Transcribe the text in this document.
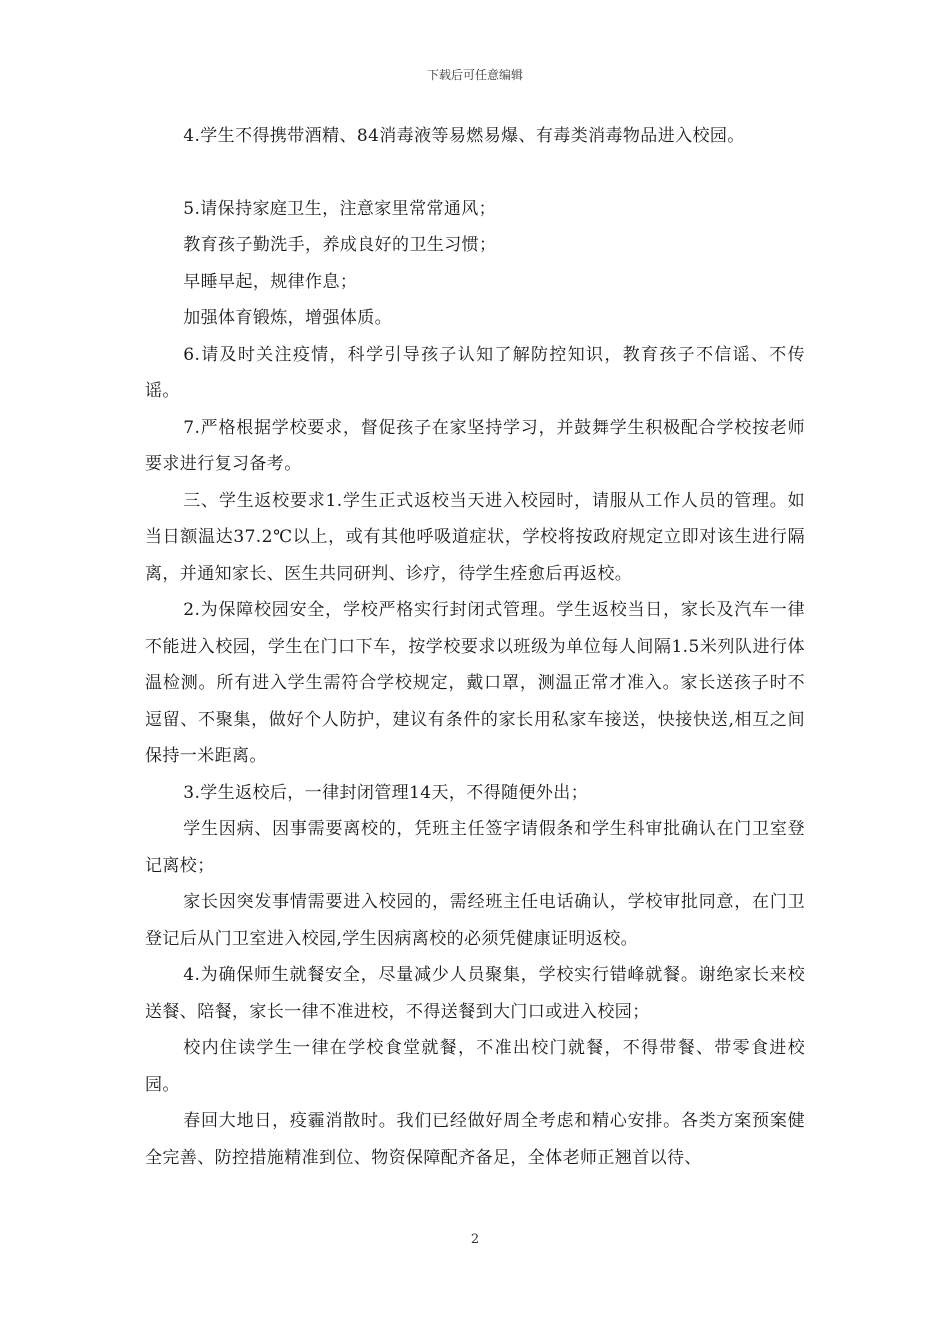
下载后可任意编辑

4.学生不得携带酒精、84消毒液等易燃易爆、有毒类消毒物品进入校园。

5.请保持家庭卫生，注意家里常常通风；

教育孩子勤洗手，养成良好的卫生习惯；

早睡早起，规律作息；

加强体育锻炼，增强体质。

6.请及时关注疫情，科学引导孩子认知了解防控知识，教育孩子不信谣、不传谣。

7.严格根据学校要求，督促孩子在家坚持学习，并鼓舞学生积极配合学校按老师要求进行复习备考。

三、学生返校要求1.学生正式返校当天进入校园时，请服从工作人员的管理。如当日额温达37.2℃以上，或有其他呼吸道症状，学校将按政府规定立即对该生进行隔离，并通知家长、医生共同研判、诊疗，待学生痊愈后再返校。

2.为保障校园安全，学校严格实行封闭式管理。学生返校当日，家长及汽车一律不能进入校园，学生在门口下车，按学校要求以班级为单位每人间隔1.5米列队进行体温检测。所有进入学生需符合学校规定，戴口罩，测温正常才准入。家长送孩子时不逗留、不聚集，做好个人防护，建议有条件的家长用私家车接送，快接快送,相互之间保持一米距离。

3.学生返校后，一律封闭管理14天，不得随便外出；

学生因病、因事需要离校的，凭班主任签字请假条和学生科审批确认在门卫室登记离校；

家长因突发事情需要进入校园的，需经班主任电话确认，学校审批同意，在门卫登记后从门卫室进入校园,学生因病离校的必须凭健康证明返校。

4.为确保师生就餐安全，尽量减少人员聚集，学校实行错峰就餐。谢绝家长来校送餐、陪餐，家长一律不准进校，不得送餐到大门口或进入校园；

校内住读学生一律在学校食堂就餐，不准出校门就餐，不得带餐、带零食进校园。

春回大地日，疫霾消散时。我们已经做好周全考虑和精心安排。各类方案预案健全完善、防控措施精准到位、物资保障配齐备足，全体老师正翘首以待、

2
